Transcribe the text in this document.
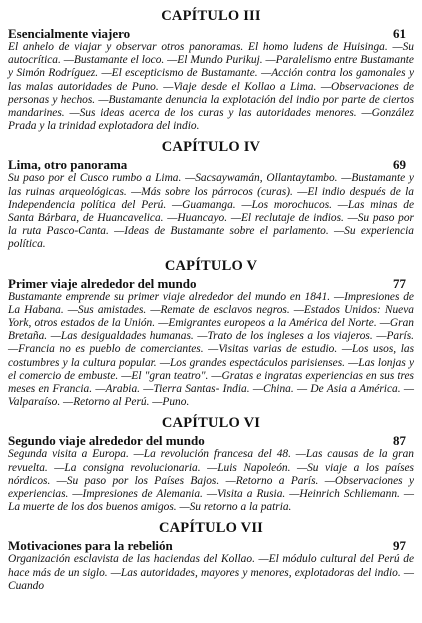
CAPÍTULO III
Esencialmente viajero	61

El anhelo de viajar y observar otros panoramas. El homo ludens de Huisinga. —Su autocrítica. —Bustamante el loco. —El Mundo Purikuj. —Paralelismo entre Bustamante y Simón Rodríguez. —El escepticismo de Bustamante. —Acción contra los gamonales y las malas autoridades de Puno. —Viaje desde el Kollao a Lima. —Observaciones de personas y hechos. —Bustamante denuncia la explotación del indio por parte de ciertos mandarines. —Sus ideas acerca de los curas y las autoridades menores. —González Prada y la trinidad explotadora del indio.

CAPÍTULO IV
Lima, otro panorama	69

Su paso por el Cusco rumbo a Lima. —Sacsaywamán, Ollantaytambo. —Bustamante y las ruinas arqueológicas. —Más sobre los párrocos (curas). —El indio después de la Independencia política del Perú. —Guamanga. —Los morochucos. —Las minas de Santa Bárbara, de Huancavelica. —Huancayo. —El reclutaje de indios. —Su paso por la ruta Pasco-Canta. —Ideas de Bustamante sobre el parlamento. —Su experiencia política.

CAPÍTULO V
Primer viaje alrededor del mundo	77

Bustamante emprende su primer viaje alrededor del mundo en 1841. —Impresiones de La Habana. —Sus amistades. —Remate de esclavos negros. —Estados Unidos: Nueva York, otros estados de la Unión. —Emigrantes europeos a la América del Norte. —Gran Bretaña. —Las desigualdades humanas. —Trato de los ingleses a los viajeros. —París. —Francia no es pueblo de comerciantes. —Visitas varias de estudio. —Los usos, las costumbres y la cultura popular. —Los grandes espectáculos parisienses. —Las lonjas y el comercio de embuste. —El "gran teatro". —Gratas e ingratas experiencias en sus tres meses en Francia. —Arabia. —Tierra Santas- India. —China. — De Asia a América. —Valparaíso. —Retorno al Perú. —Puno.

CAPÍTULO VI
Segundo viaje alrededor del mundo	87

Segunda visita a Europa. —La revolución francesa del 48. —Las causas de la gran revuelta. —La consigna revolucionaria. —Luis Napoleón. —Su viaje a los países nórdicos. —Su paso por los Países Bajos. —Retorno a París. —Observaciones y experiencias. —Impresiones de Alemania. —Visita a Rusia. —Heinrich Schliemann. —La muerte de los dos buenos amigos. —Su retorno a la patria.

CAPÍTULO VII
Motivaciones para la rebelión	97

Organización esclavista de las haciendas del Kollao. —El módulo cultural del Perú de hace más de un siglo. —Las autoridades, mayores y menores, explotadoras del indio. —Cuando
